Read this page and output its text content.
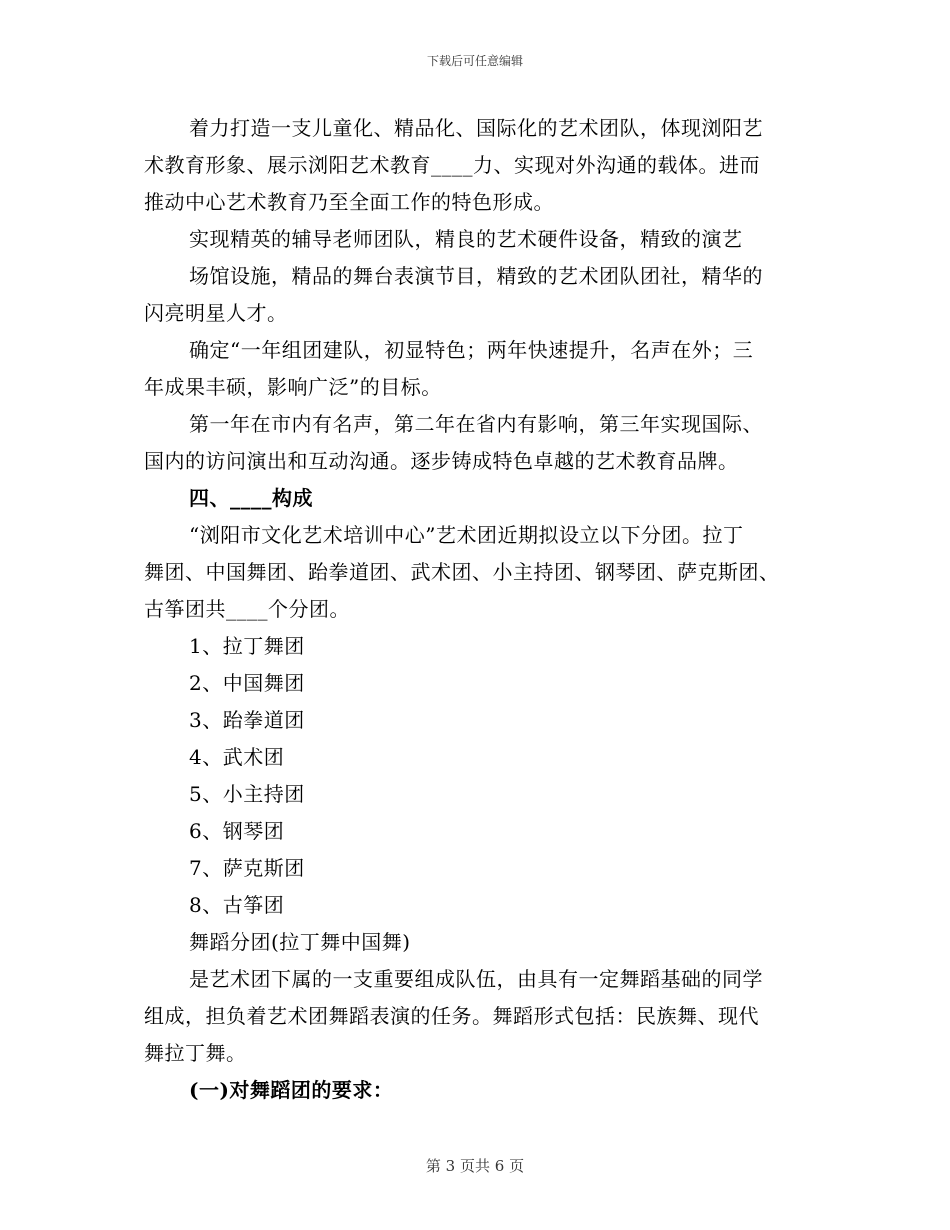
下载后可任意编辑
着力打造一支儿童化、精品化、国际化的艺术团队，体现浏阳艺
术教育形象、展示浏阳艺术教育____力、实现对外沟通的载体。进而
推动中心艺术教育乃至全面工作的特色形成。
实现精英的辅导老师团队，精良的艺术硬件设备，精致的演艺
场馆设施，精品的舞台表演节目，精致的艺术团队团社，精华的
闪亮明星人才。
确定“一年组团建队，初显特色；两年快速提升，名声在外；三
年成果丰硕，影响广泛”的目标。
第一年在市内有名声，第二年在省内有影响，第三年实现国际、
国内的访问演出和互动沟通。逐步铸成特色卓越的艺术教育品牌。
四、____构成
“浏阳市文化艺术培训中心”艺术团近期拟设立以下分团。拉丁
舞团、中国舞团、跆拳道团、武术团、小主持团、钢琴团、萨克斯团、
古筝团共____个分团。
1、拉丁舞团
2、中国舞团
3、跆拳道团
4、武术团
5、小主持团
6、钢琴团
7、萨克斯团
8、古筝团
舞蹈分团(拉丁舞中国舞)
是艺术团下属的一支重要组成队伍，由具有一定舞蹈基础的同学
组成，担负着艺术团舞蹈表演的任务。舞蹈形式包括：民族舞、现代
舞拉丁舞。
(一)对舞蹈团的要求：
第 3 页共 6 页
